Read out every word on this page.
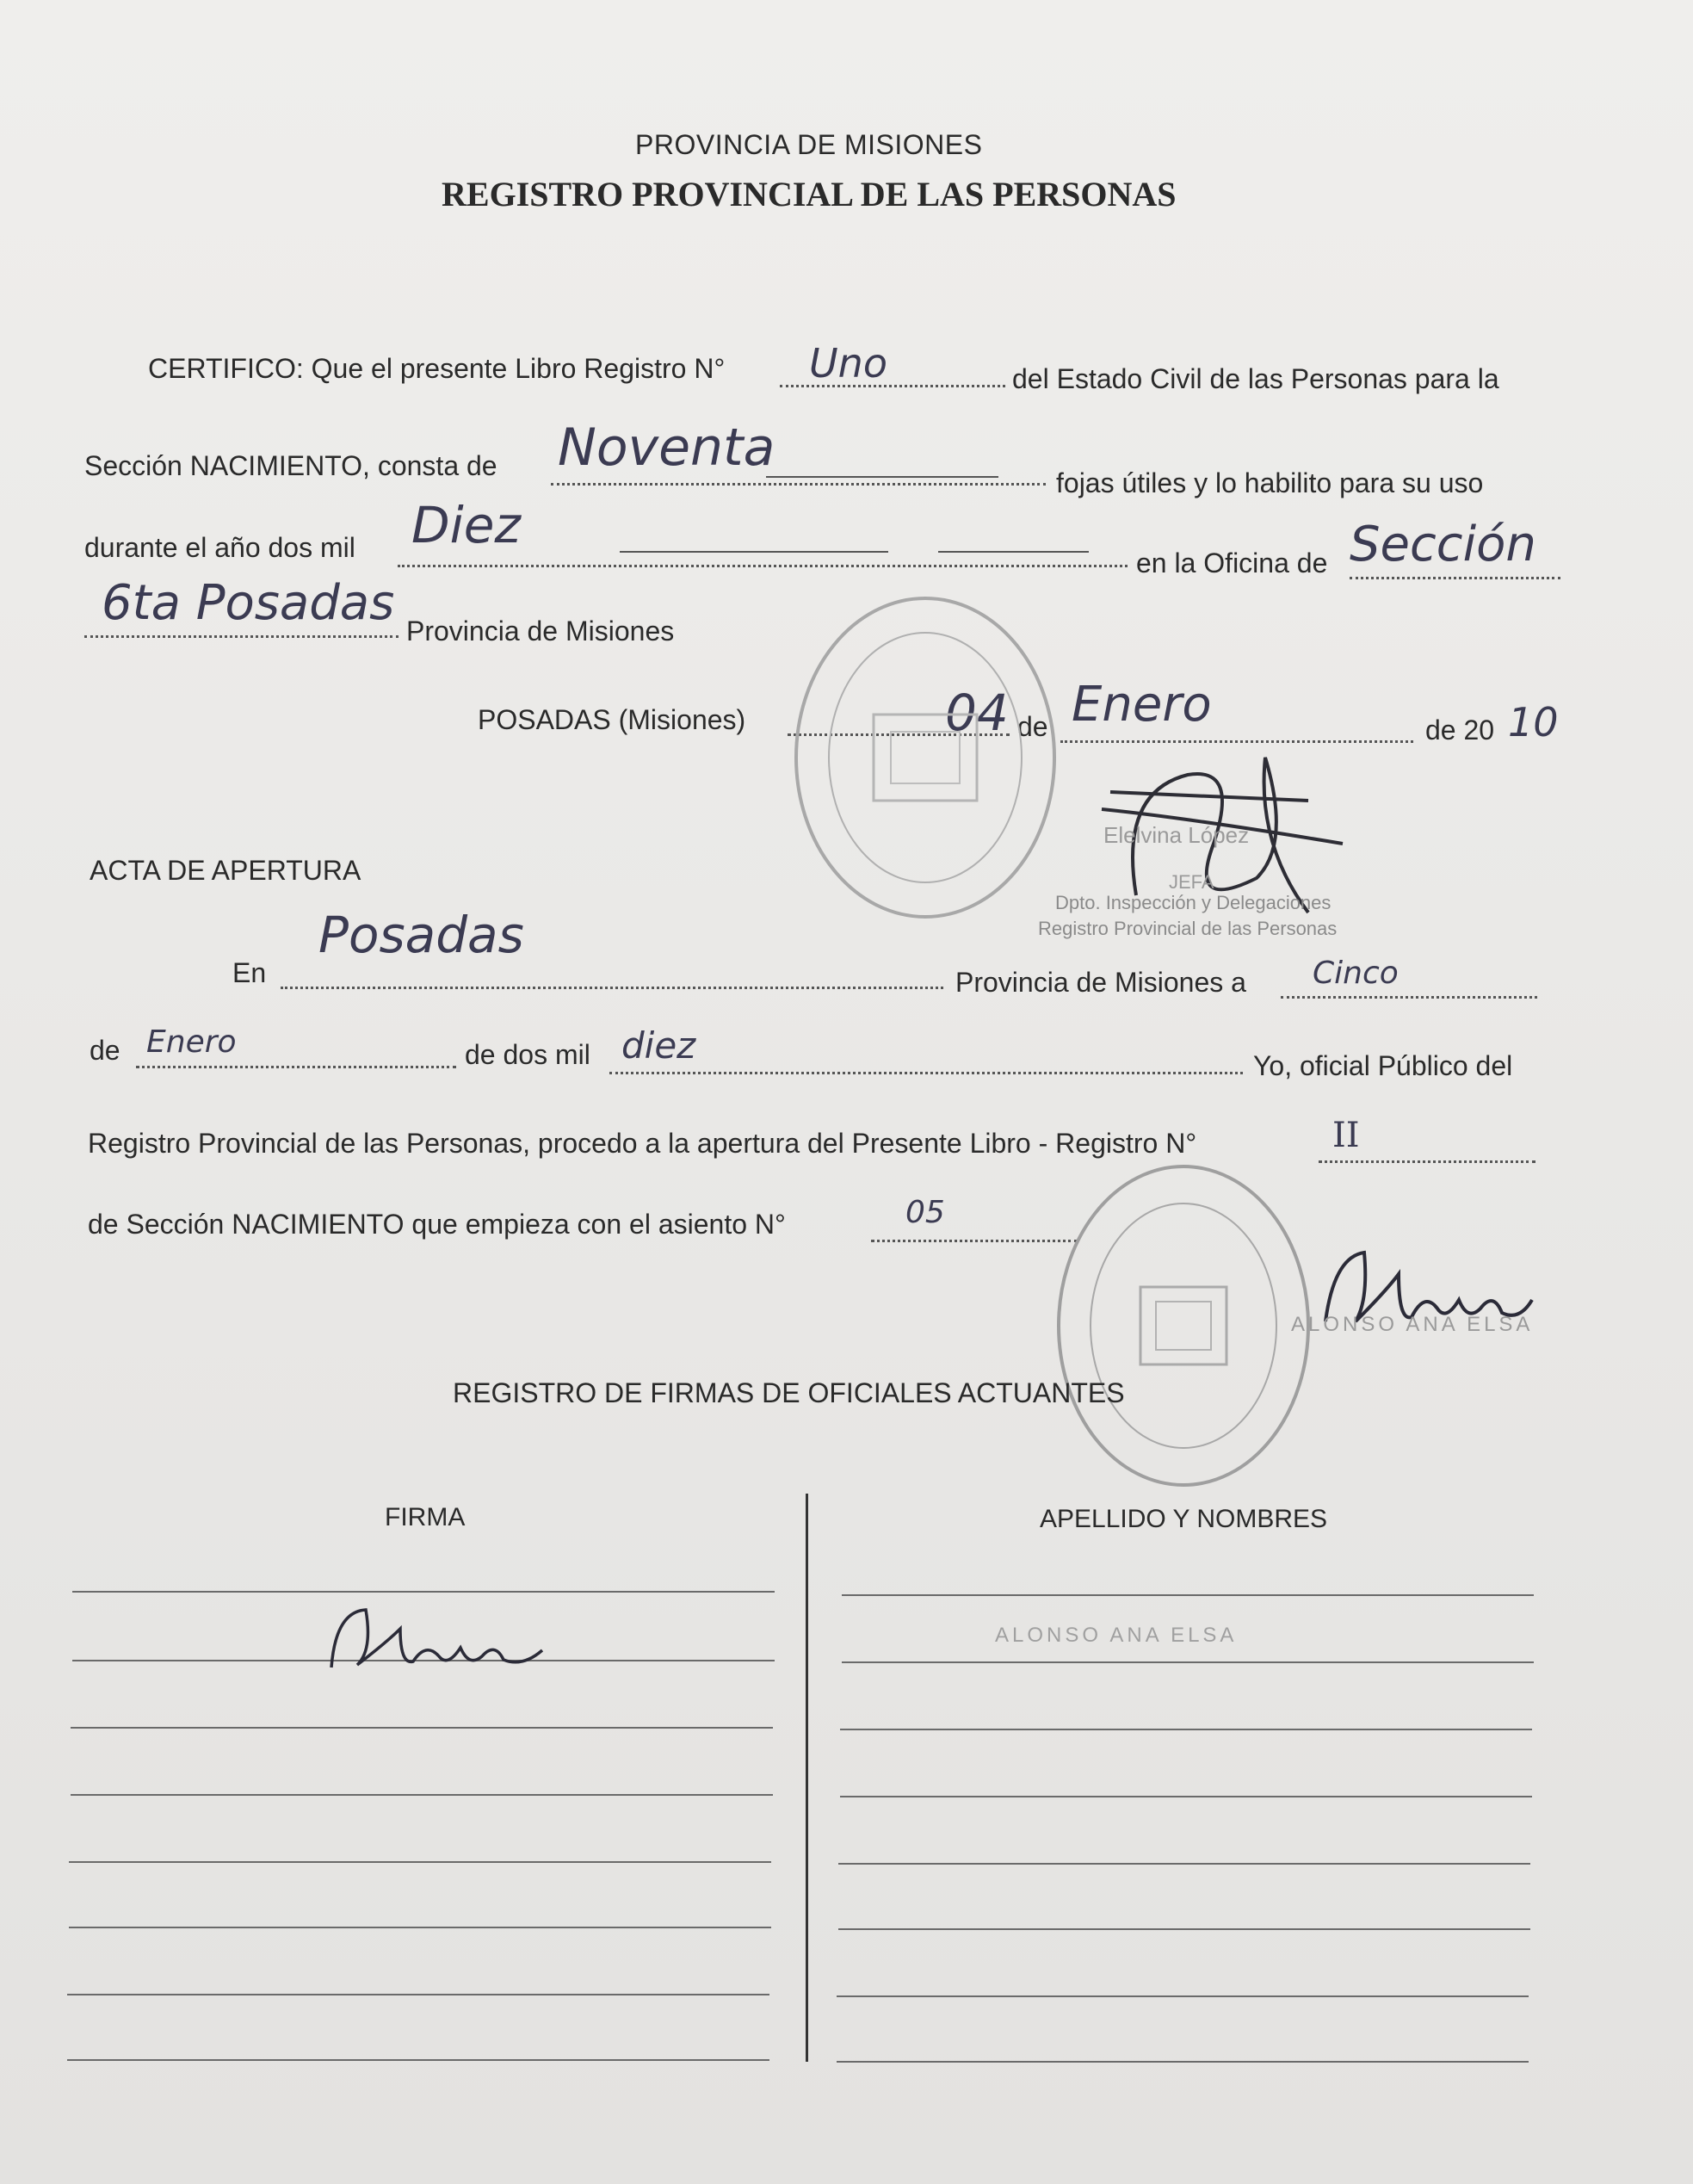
PROVINCIA DE MISIONES
REGISTRO PROVINCIAL DE LAS PERSONAS
CERTIFICO: Que el presente Libro Registro N° Uno	del Estado Civil de las Personas para la
Sección NACIMIENTO, consta de Noventa
fojas útiles y lo habilito para su uso
durante el año dos mil Diez
en la Oficina de Sección
6ta Posadas Provincia de Misiones
POSADAS (Misiones)	04 de Enero	de 20 10
Elelvina López
JEFA
Dpto. Inspección y Delegaciones
Registro Provincial de las Personas
ACTA DE APERTURA
En
Posadas
Provincia de Misiones a Cinco
de Enero	de dos mil diez	Yo, oficial Público del
Registro Provincial de las Personas, procedo a la apertura del Presente Libro - Registro N°	II
de Sección NACIMIENTO que empieza con el asiento N°	05
ALONSO ANA ELSA
REGISTRO DE FIRMAS DE OFICIALES ACTUANTES
FIRMA	APELLIDO Y NOMBRES
ALONSO ANA ELSA
